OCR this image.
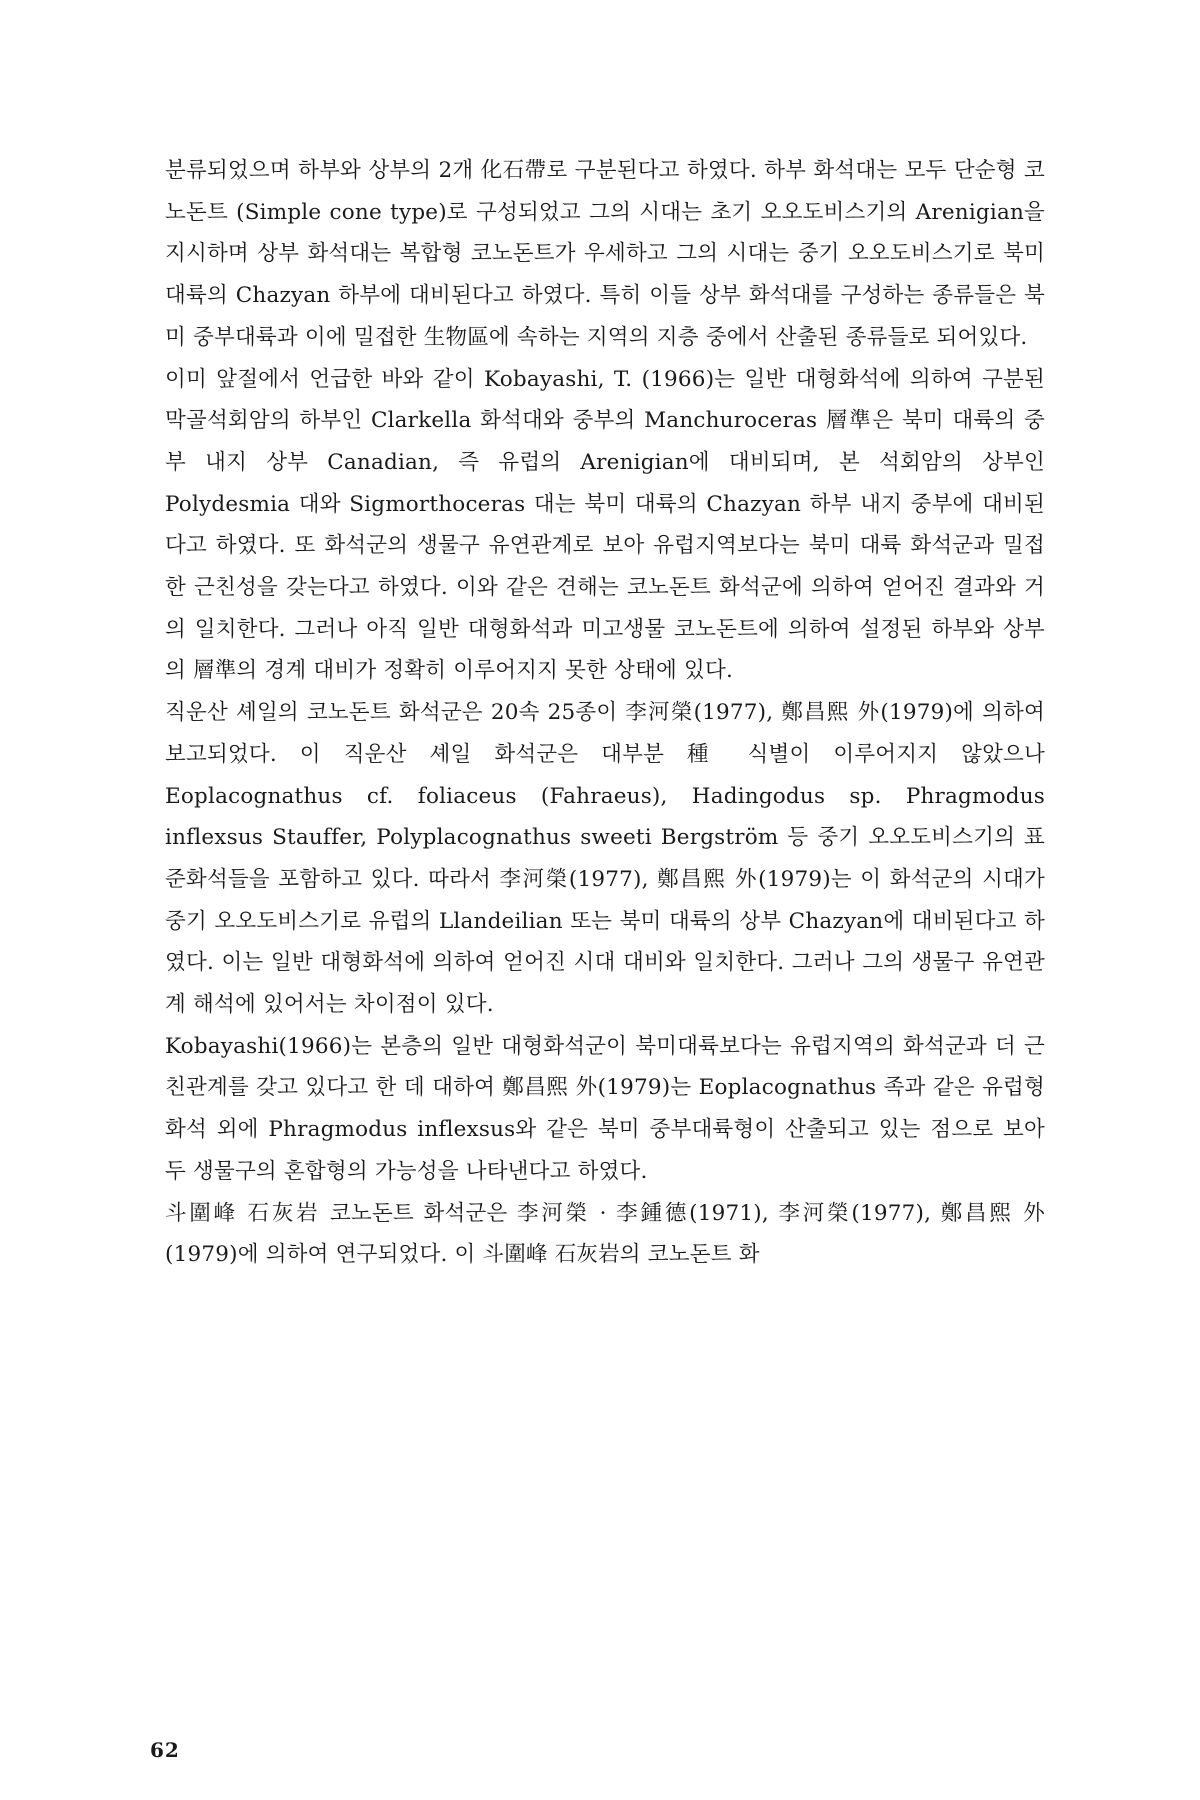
분류되었으며 하부와 상부의 2개 化石帶로 구분된다고 하였다. 하부 화석대는 모두 단순형 코노돈트 (Simple cone type)로 구성되었고 그의 시대는 초기 오오도비스기의 Arenigian을 지시하며 상부 화석대는 복합형 코노돈트가 우세하고 그의 시대는 중기 오오도비스기로 북미 대륙의 Chazyan 하부에 대비된다고 하였다. 특히 이들 상부 화석대를 구성하는 종류들은 북미 중부대륙과 이에 밀접한 生物區에 속하는 지역의 지층 중에서 산출된 종류들로 되어있다.

이미 앞절에서 언급한 바와 같이 Kobayashi, T. (1966)는 일반 대형화석에 의하여 구분된 막골석회암의 하부인 Clarkella 화석대와 중부의 Manchuroceras 層準은 북미 대륙의 중부 내지 상부 Canadian, 즉 유럽의 Arenigian에 대비되며, 본 석회암의 상부인 Polydesmia 대와 Sigmorthoceras 대는 북미 대륙의 Chazyan 하부 내지 중부에 대비된다고 하였다. 또 화석군의 생물구 유연관계로 보아 유럽지역보다는 북미 대륙 화석군과 밀접한 근친성을 갖는다고 하였다. 이와 같은 견해는 코노돈트 화석군에 의하여 얻어진 결과와 거의 일치한다. 그러나 아직 일반 대형화석과 미고생물 코노돈트에 의하여 설정된 하부와 상부의 層準의 경계 대비가 정확히 이루어지지 못한 상태에 있다.

직운산 셰일의 코노돈트 화석군은 20속 25종이 李河榮(1977), 鄭昌熙 外(1979)에 의하여 보고되었다. 이 직운산 셰일 화석군은 대부분 種 식별이 이루어지지 않았으나 Eoplacognathus cf. foliaceus (Fahraeus), Hadingodus sp. Phragmodus inflexsus Stauffer, Polyplacognathus sweeti Bergström 등 중기 오오도비스기의 표준화석들을 포함하고 있다. 따라서 李河榮(1977), 鄭昌熙 外(1979)는 이 화석군의 시대가 중기 오오도비스기로 유럽의 Llandeilian 또는 북미 대륙의 상부 Chazyan에 대비된다고 하였다. 이는 일반 대형화석에 의하여 얻어진 시대 대비와 일치한다. 그러나 그의 생물구 유연관계 해석에 있어서는 차이점이 있다.

Kobayashi(1966)는 본층의 일반 대형화석군이 북미대륙보다는 유럽지역의 화석군과 더 근친관계를 갖고 있다고 한 데 대하여 鄭昌熙 外(1979)는 Eoplacognathus 족과 같은 유럽형 화석 외에 Phragmodus inflexsus와 같은 북미 중부대륙형이 산출되고 있는 점으로 보아 두 생물구의 혼합형의 가능성을 나타낸다고 하였다.

斗圍峰 石灰岩 코노돈트 화석군은 李河榮 · 李鍾德(1971), 李河榮(1977), 鄭昌熙 外(1979)에 의하여 연구되었다. 이 斗圍峰 石灰岩의 코노돈트 화

62
